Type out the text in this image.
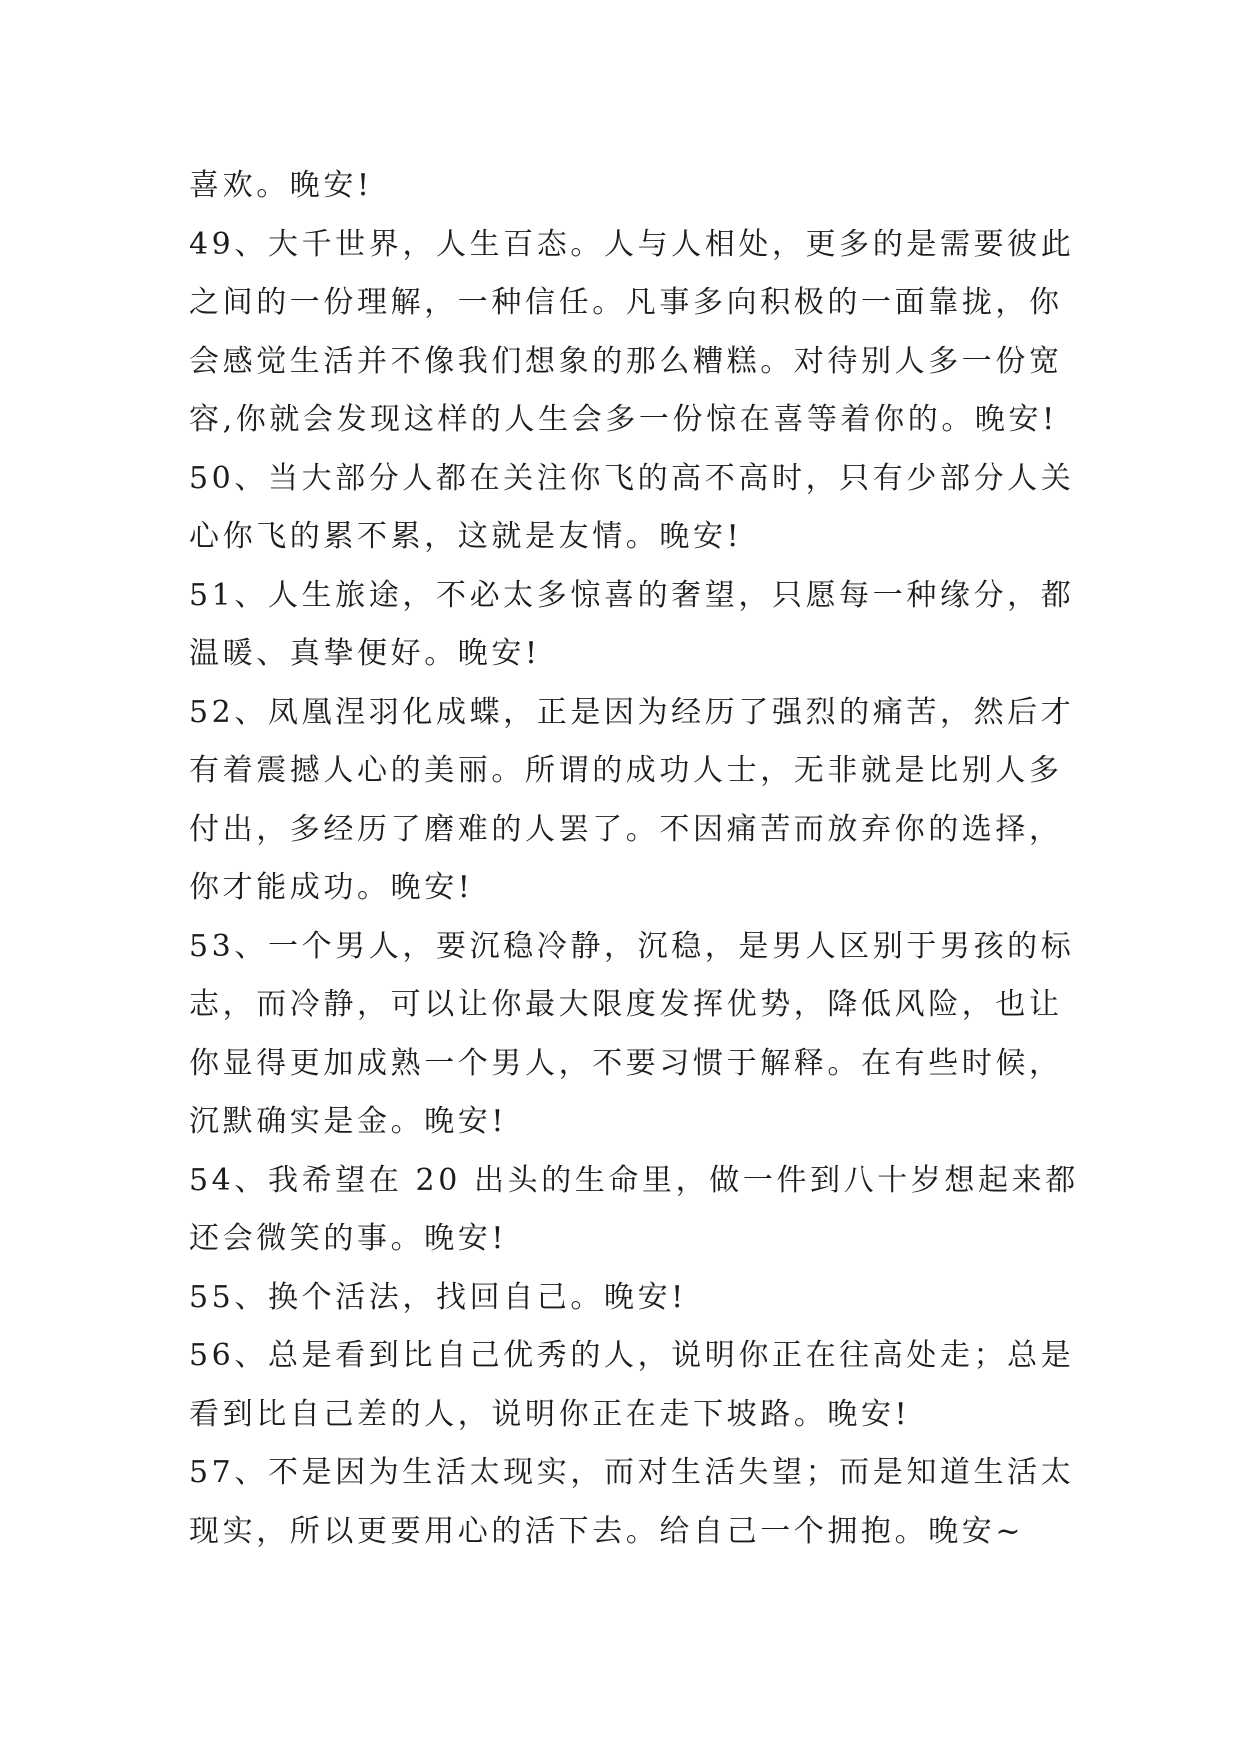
喜欢。晚安!
49、大千世界，人生百态。人与人相处，更多的是需要彼此
之间的一份理解，一种信任。凡事多向积极的一面靠拢，你
会感觉生活并不像我们想象的那么糟糕。对待别人多一份宽
容,你就会发现这样的人生会多一份惊在喜等着你的。晚安!
50、当大部分人都在关注你飞的高不高时，只有少部分人关
心你飞的累不累，这就是友情。晚安!
51、人生旅途，不必太多惊喜的奢望，只愿每一种缘分，都
温暖、真挚便好。晚安!
52、凤凰涅羽化成蝶，正是因为经历了强烈的痛苦，然后才
有着震撼人心的美丽。所谓的成功人士，无非就是比别人多
付出，多经历了磨难的人罢了。不因痛苦而放弃你的选择，
你才能成功。晚安!
53、一个男人，要沉稳冷静，沉稳，是男人区别于男孩的标
志，而冷静，可以让你最大限度发挥优势，降低风险，也让
你显得更加成熟一个男人，不要习惯于解释。在有些时候，
沉默确实是金。晚安!
54、我希望在 20 出头的生命里，做一件到八十岁想起来都
还会微笑的事。晚安!
55、换个活法，找回自己。晚安!
56、总是看到比自己优秀的人，说明你正在往高处走；总是
看到比自己差的人，说明你正在走下坡路。晚安!
57、不是因为生活太现实，而对生活失望；而是知道生活太
现实，所以更要用心的活下去。给自己一个拥抱。晚安~
